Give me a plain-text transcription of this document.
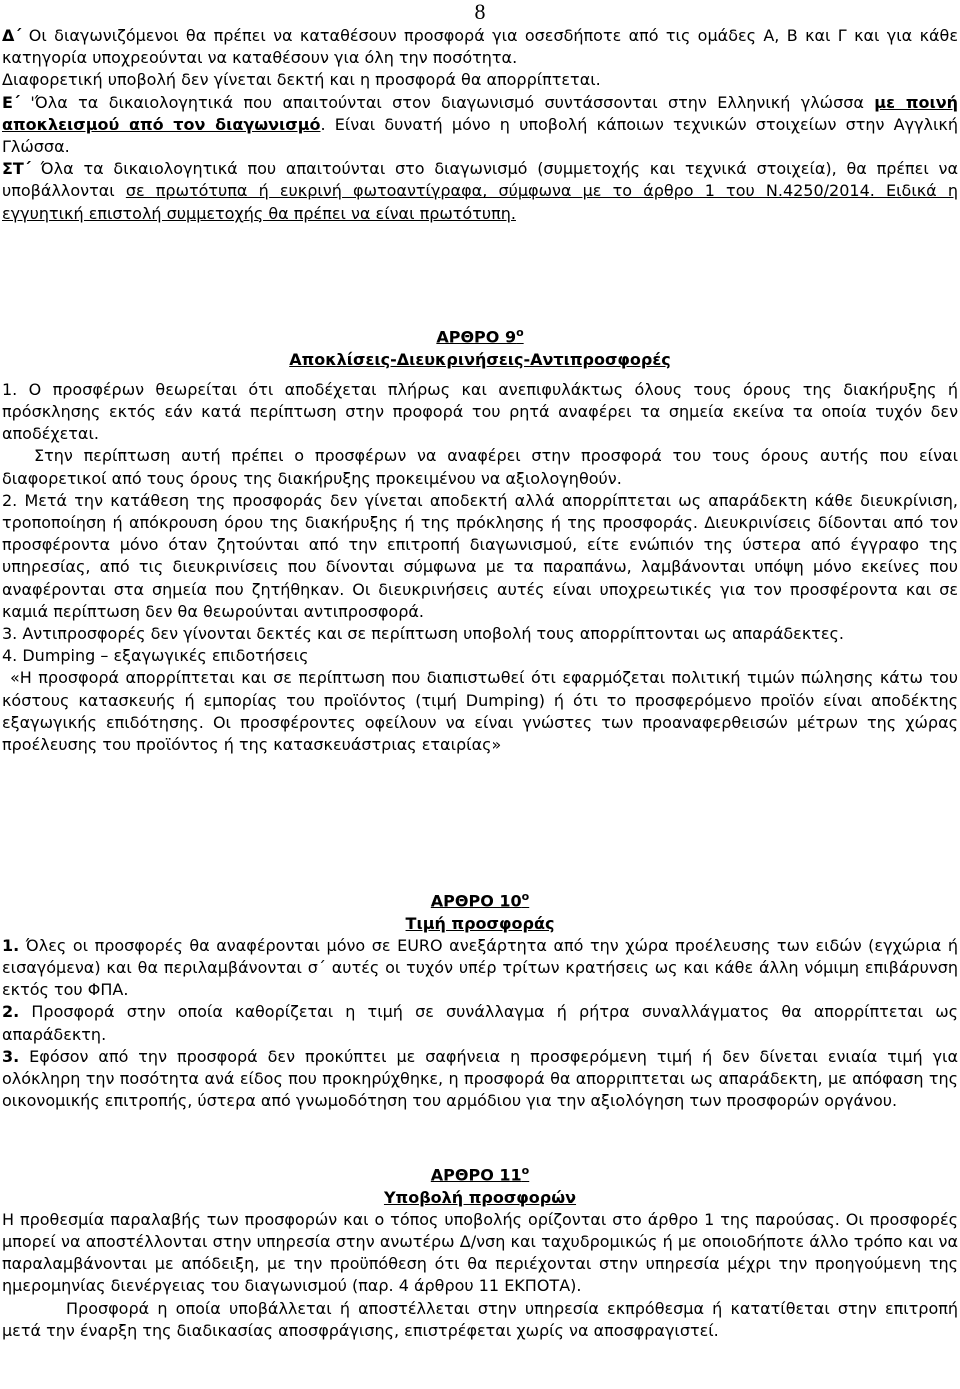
8

Δ΄ Οι διαγωνιζόμενοι θα πρέπει να καταθέσουν προσφορά για οσεσδήποτε από τις ομάδες Α, Β και Γ και για κάθε κατηγορία υποχρεούνται να καταθέσουν για όλη την ποσότητα.

Διαφορετική υποβολή δεν γίνεται δεκτή και η προσφορά θα απορρίπτεται.

Ε΄ 'Όλα τα δικαιολογητικά που απαιτούνται στον διαγωνισμό συντάσσονται στην Ελληνική γλώσσα με ποινή αποκλεισμού από τον διαγωνισμό. Είναι δυνατή μόνο η υποβολή κάποιων τεχνικών στοιχείων στην Αγγλική Γλώσσα.

ΣΤ΄ Όλα τα δικαιολογητικά που απαιτούνται στο διαγωνισμό (συμμετοχής και τεχνικά στοιχεία), θα πρέπει να υποβάλλονται σε πρωτότυπα ή ευκρινή φωτοαντίγραφα, σύμφωνα με το άρθρο 1 του Ν.4250/2014. Ειδικά η εγγυητική επιστολή συμμετοχής θα πρέπει να είναι πρωτότυπη.

ΑΡΘΡΟ $9^o$

Αποκλίσεις-Διευκρινήσεις-Αντιπροσφορές

1. Ο προσφέρων θεωρείται ότι αποδέχεται πλήρως και ανεπιφυλάκτως όλους τους όρους της διακήρυξης ή πρόσκλησης εκτός εάν κατά περίπτωση στην προφορά του ρητά αναφέρει τα σημεία εκείνα τα οποία τυχόν δεν αποδέχεται.

Στην περίπτωση αυτή πρέπει ο προσφέρων να αναφέρει στην προσφορά του τους όρους αυτής που είναι διαφορετικοί από τους όρους της διακήρυξης προκειμένου να αξιολογηθούν.

2. Μετά την κατάθεση της προσφοράς δεν γίνεται αποδεκτή αλλά απορρίπτεται ως απαράδεκτη κάθε διευκρίνιση, τροποποίηση ή απόκρουση όρου της διακήρυξης ή της πρόκλησης ή της προσφοράς. Διευκρινίσεις δίδονται από τον προσφέροντα μόνο όταν ζητούνται από την επιτροπή διαγωνισμού, είτε ενώπιόν της ύστερα από έγγραφο της υπηρεσίας, από τις διευκρινίσεις που δίνονται σύμφωνα με τα παραπάνω, λαμβάνονται υπόψη μόνο εκείνες που αναφέρονται στα σημεία που ζητήθηκαν. Οι διευκρινήσεις αυτές είναι υποχρεωτικές για τον προσφέροντα και σε καμιά περίπτωση δεν θα θεωρούνται αντιπροσφορά.

3. Αντιπροσφορές δεν γίνονται δεκτές και σε περίπτωση υποβολή τους απορρίπτονται ως απαράδεκτες.

4. Dumping – εξαγωγικές επιδοτήσεις

«Η προσφορά απορρίπτεται και σε περίπτωση που διαπιστωθεί ότι εφαρμόζεται πολιτική τιμών πώλησης κάτω του κόστους κατασκευής ή εμπορίας του προϊόντος (τιμή Dumping) ή ότι το προσφερόμενο προϊόν είναι αποδέκτης εξαγωγικής επιδότησης. Οι προσφέροντες οφείλουν να είναι γνώστες των προαναφερθεισών μέτρων της χώρας προέλευσης του προϊόντος ή της κατασκευάστριας εταιρίας»

ΑΡΘΡΟ $10^o$

Τιμή προσφοράς

1. Όλες οι προσφορές θα αναφέρονται μόνο σε EURO ανεξάρτητα από την χώρα προέλευσης των ειδών (εγχώρια ή εισαγόμενα) και θα περιλαμβάνονται σ΄ αυτές οι τυχόν υπέρ τρίτων κρατήσεις ως και κάθε άλλη νόμιμη επιβάρυνση εκτός του ΦΠΑ.

2. Προσφορά στην οποία καθορίζεται η τιμή σε συνάλλαγμα ή ρήτρα συναλλάγματος θα απορρίπτεται ως απαράδεκτη.

3. Εφόσον από την προσφορά δεν προκύπτει με σαφήνεια η προσφερόμενη τιμή ή δεν δίνεται ενιαία τιμή για ολόκληρη την ποσότητα ανά είδος που προκηρύχθηκε, η προσφορά θα απορριπτεται ως απαράδεκτη, με απόφαση της οικονομικής επιτροπής, ύστερα από γνωμοδότηση του αρμόδιου για την αξιολόγηση των προσφορών οργάνου.

ΑΡΘΡΟ $11^o$

Υποβολή προσφορών

Η προθεσμία παραλαβής των προσφορών και ο τόπος υποβολής ορίζονται στο άρθρο 1 της παρούσας. Οι προσφορές μπορεί να αποστέλλονται στην υπηρεσία στην ανωτέρω Δ/νση και ταχυδρομικώς ή με οποιοδήποτε άλλο τρόπο και να παραλαμβάνονται με απόδειξη, με την προϋπόθεση ότι θα περιέχονται στην υπηρεσία μέχρι την προηγούμενη της ημερομηνίας διενέργειας του διαγωνισμού (παρ. 4 άρθρου 11 ΕΚΠΟΤΑ).

Προσφορά η οποία υποβάλλεται ή αποστέλλεται στην υπηρεσία εκπρόθεσμα ή κατατίθεται στην επιτροπή μετά την έναρξη της διαδικασίας αποσφράγισης, επιστρέφεται χωρίς να αποσφραγιστεί.
